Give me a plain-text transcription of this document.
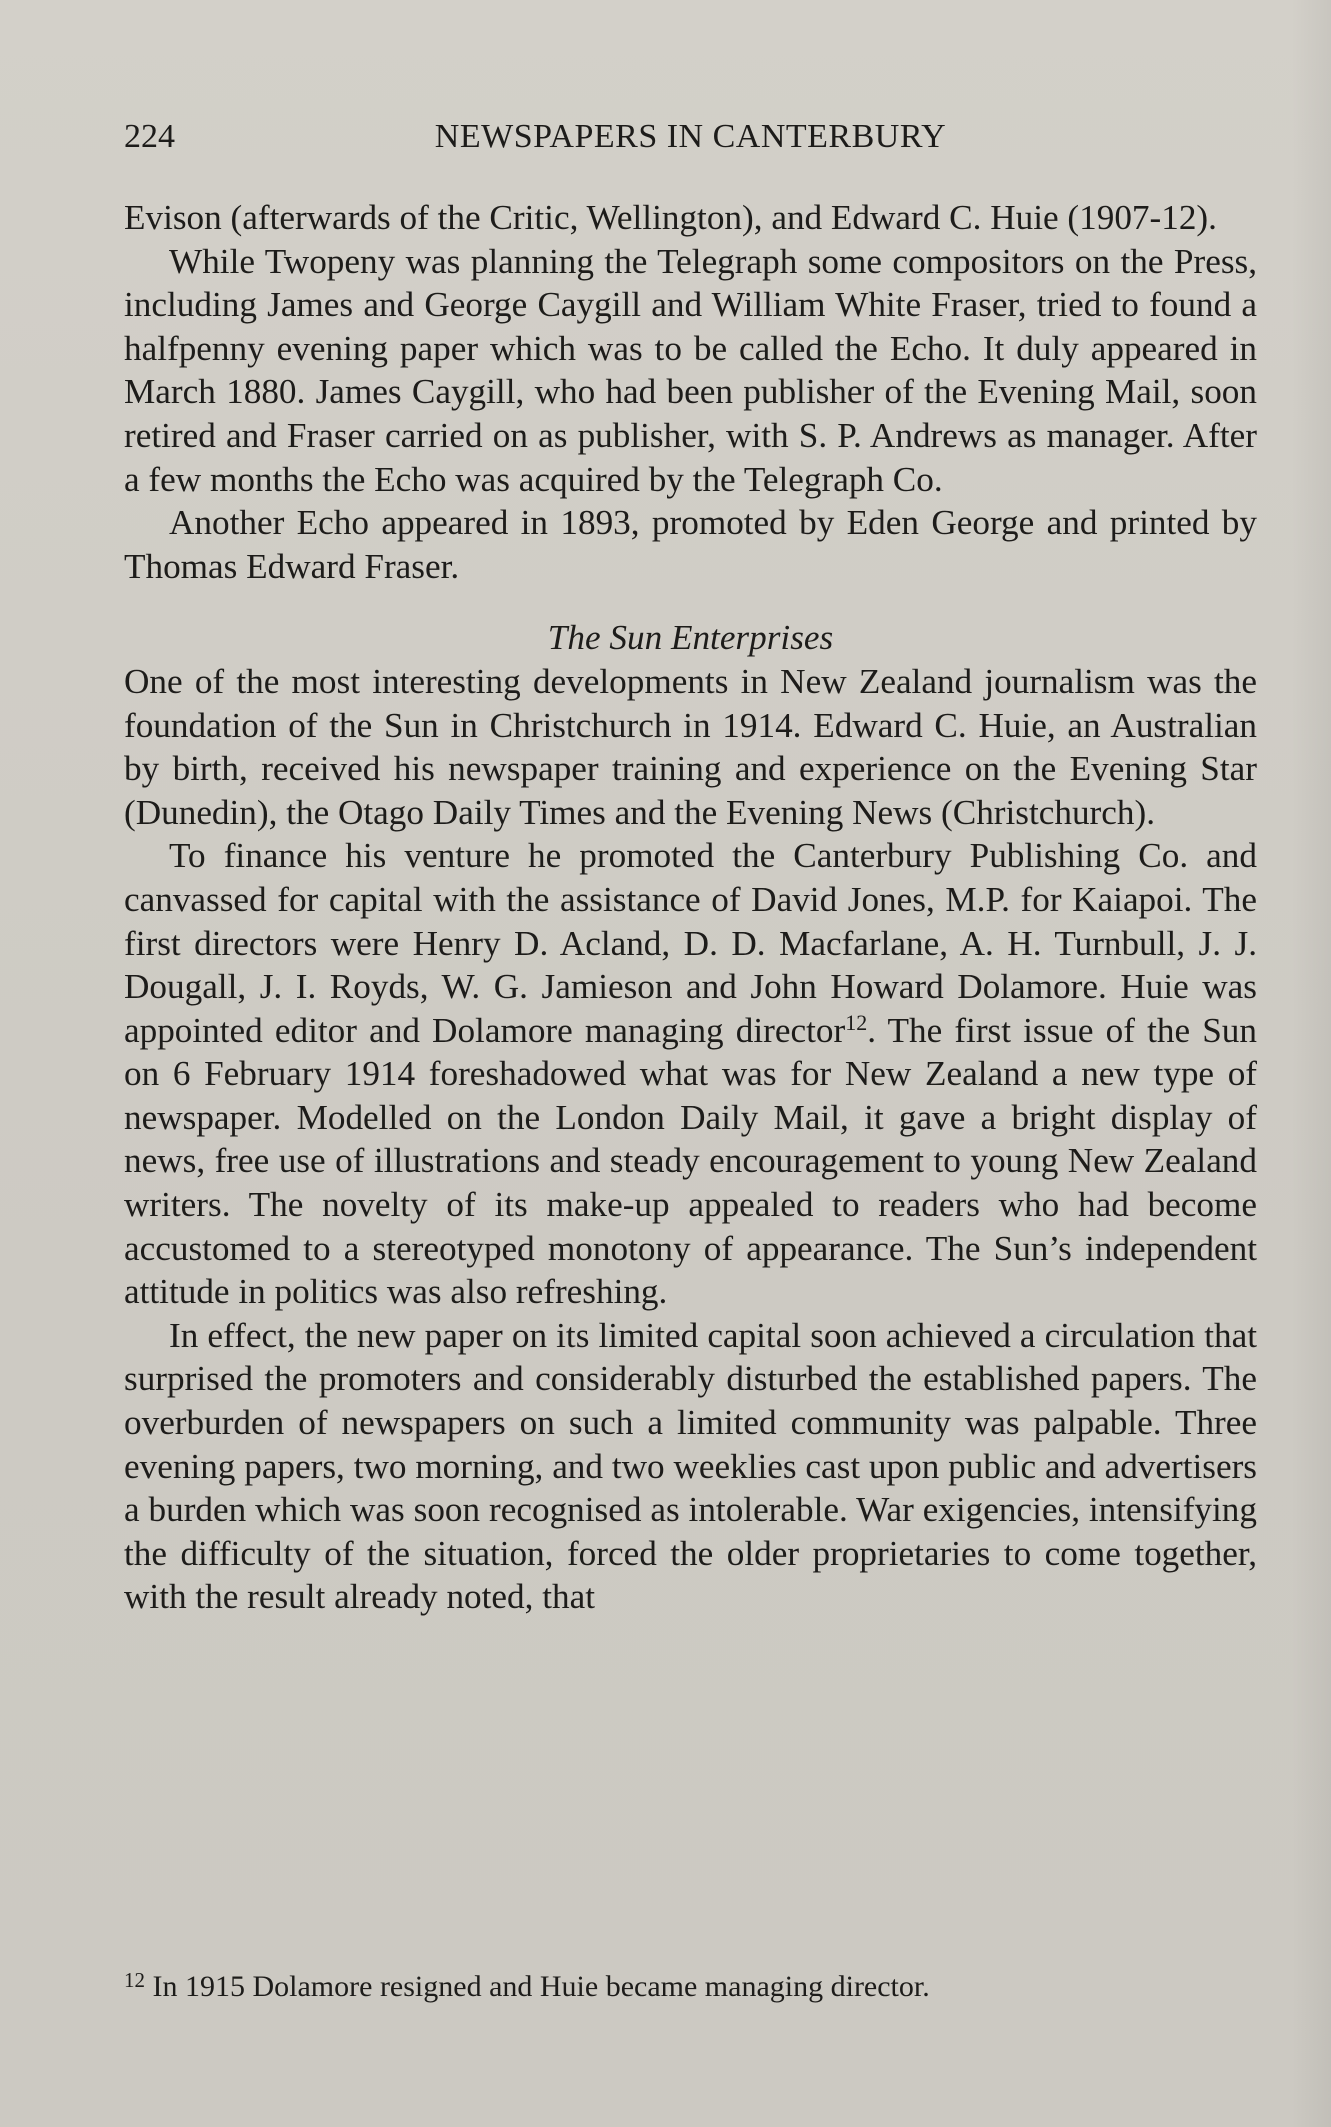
224	NEWSPAPERS IN CANTERBURY

Evison (afterwards of the Critic, Wellington), and Edward C. Huie (1907-12).

While Twopeny was planning the Telegraph some compositors on the Press, including James and George Caygill and William White Fraser, tried to found a halfpenny evening paper which was to be called the Echo. It duly appeared in March 1880. James Caygill, who had been publisher of the Evening Mail, soon retired and Fraser carried on as publisher, with S. P. Andrews as manager. After a few months the Echo was acquired by the Telegraph Co.

Another Echo appeared in 1893, promoted by Eden George and printed by Thomas Edward Fraser.

The Sun Enterprises

One of the most interesting developments in New Zealand journalism was the foundation of the Sun in Christchurch in 1914. Edward C. Huie, an Australian by birth, received his newspaper training and experience on the Evening Star (Dunedin), the Otago Daily Times and the Evening News (Christchurch).

To finance his venture he promoted the Canterbury Publishing Co. and canvassed for capital with the assistance of David Jones, M.P. for Kaiapoi. The first directors were Henry D. Acland, D. D. Macfarlane, A. H. Turnbull, J. J. Dougall, J. I. Royds, W. G. Jamieson and John Howard Dolamore. Huie was appointed editor and Dolamore managing director$^{12}$. The first issue of the Sun on 6 February 1914 foreshadowed what was for New Zealand a new type of newspaper. Modelled on the London Daily Mail, it gave a bright display of news, free use of illustrations and steady encouragement to young New Zealand writers. The novelty of its make-up appealed to readers who had become accustomed to a stereotyped monotony of appearance. The Sun’s independent attitude in politics was also refreshing.

In effect, the new paper on its limited capital soon achieved a circulation that surprised the promoters and considerably disturbed the established papers. The overburden of newspapers on such a limited community was palpable. Three evening papers, two morning, and two weeklies cast upon public and advertisers a burden which was soon recognised as intolerable. War exigencies, intensifying the difficulty of the situation, forced the older proprietaries to come together, with the result already noted, that

$^{12}$ In 1915 Dolamore resigned and Huie became managing director.
